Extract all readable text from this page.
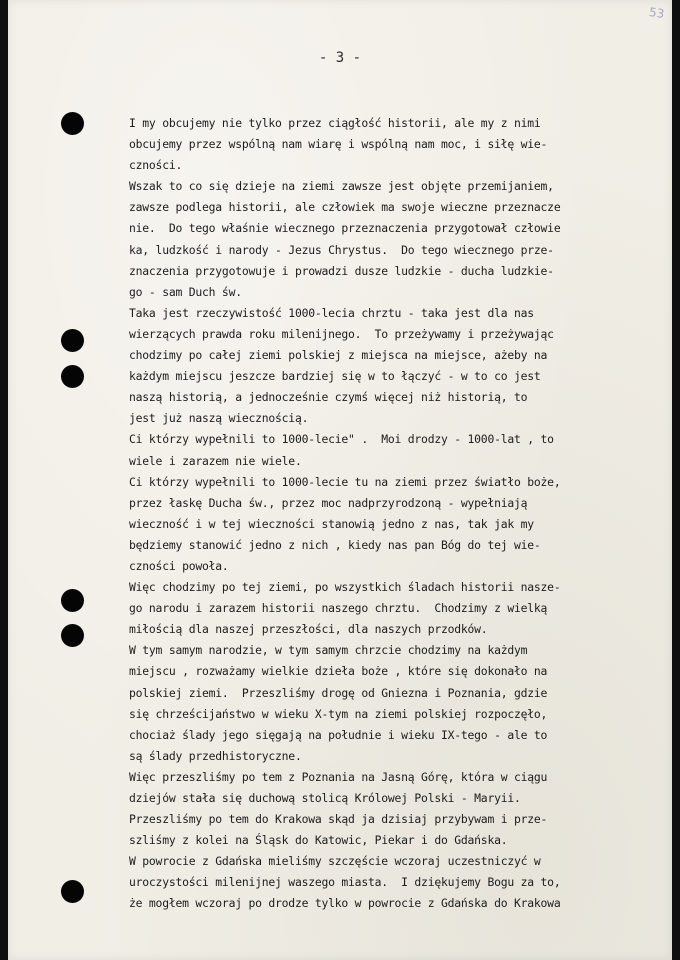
53
- 3 -
I my obcujemy nie tylko przez ciągłość historii, ale my z nimi
obcujemy przez wspólną nam wiarę i wspólną nam moc, i siłę wie-
czności.
Wszak to co się dzieje na ziemi zawsze jest objęte przemijaniem,
zawsze podlega historii, ale człowiek ma swoje wieczne przeznacze
nie.  Do tego właśnie wiecznego przeznaczenia przygotował człowie
ka, ludzkość i narody - Jezus Chrystus.  Do tego wiecznego prze-
znaczenia przygotowuje i prowadzi dusze ludzkie - ducha ludzkie-
go - sam Duch św.
Taka jest rzeczywistość 1000-lecia chrztu - taka jest dla nas
wierzących prawda roku milenijnego.  To przeżywamy i przeżywając
chodzimy po całej ziemi polskiej z miejsca na miejsce, ażeby na
każdym miejscu jeszcze bardziej się w to łączyć - w to co jest
naszą historią, a jednocześnie czymś więcej niż historią, to
jest już naszą wiecznością.
Ci którzy wypełnili to 1000-lecie" .  Moi drodzy - 1000-lat , to
wiele i zarazem nie wiele.
Ci którzy wypełnili to 1000-lecie tu na ziemi przez światło boże,
przez łaskę Ducha św., przez moc nadprzyrodzoną - wypełniają
wieczność i w tej wieczności stanowią jedno z nas, tak jak my
będziemy stanowić jedno z nich , kiedy nas pan Bóg do tej wie-
czności powoła.
Więc chodzimy po tej ziemi, po wszystkich śladach historii nasze-
go narodu i zarazem historii naszego chrztu.  Chodzimy z wielką
miłością dla naszej przeszłości, dla naszych przodków.
W tym samym narodzie, w tym samym chrzcie chodzimy na każdym
miejscu , rozważamy wielkie dzieła boże , które się dokonało na
polskiej ziemi.  Przeszliśmy drogę od Gniezna i Poznania, gdzie
się chrześcijaństwo w wieku X-tym na ziemi polskiej rozpoczęło,
chociaż ślady jego sięgają na południe i wieku IX-tego - ale to
są ślady przedhistoryczne.
Więc przeszliśmy po tem z Poznania na Jasną Górę, która w ciągu
dziejów stała się duchową stolicą Królowej Polski - Maryii.
Przeszliśmy po tem do Krakowa skąd ja dzisiaj przybywam i prze-
szliśmy z kolei na Śląsk do Katowic, Piekar i do Gdańska.
W powrocie z Gdańska mieliśmy szczęście wczoraj uczestniczyć w
uroczystości milenijnej waszego miasta.  I dziękujemy Bogu za to,
że mogłem wczoraj po drodze tylko w powrocie z Gdańska do Krakowa
